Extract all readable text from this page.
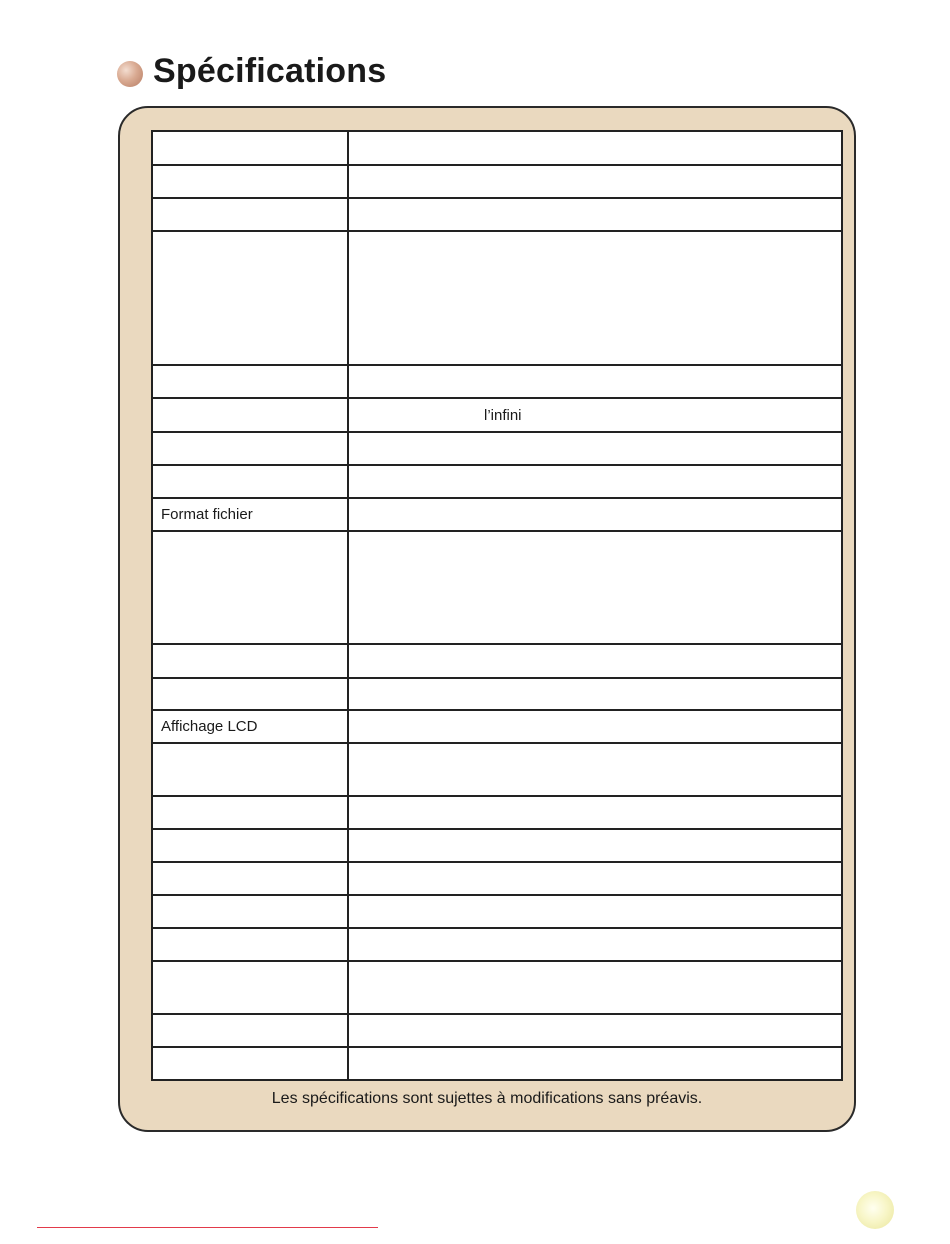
Spécifications

	l’infini

Format fichier	

Affichage LCD	

Les spécifications sont sujettes à modifications sans préavis.
